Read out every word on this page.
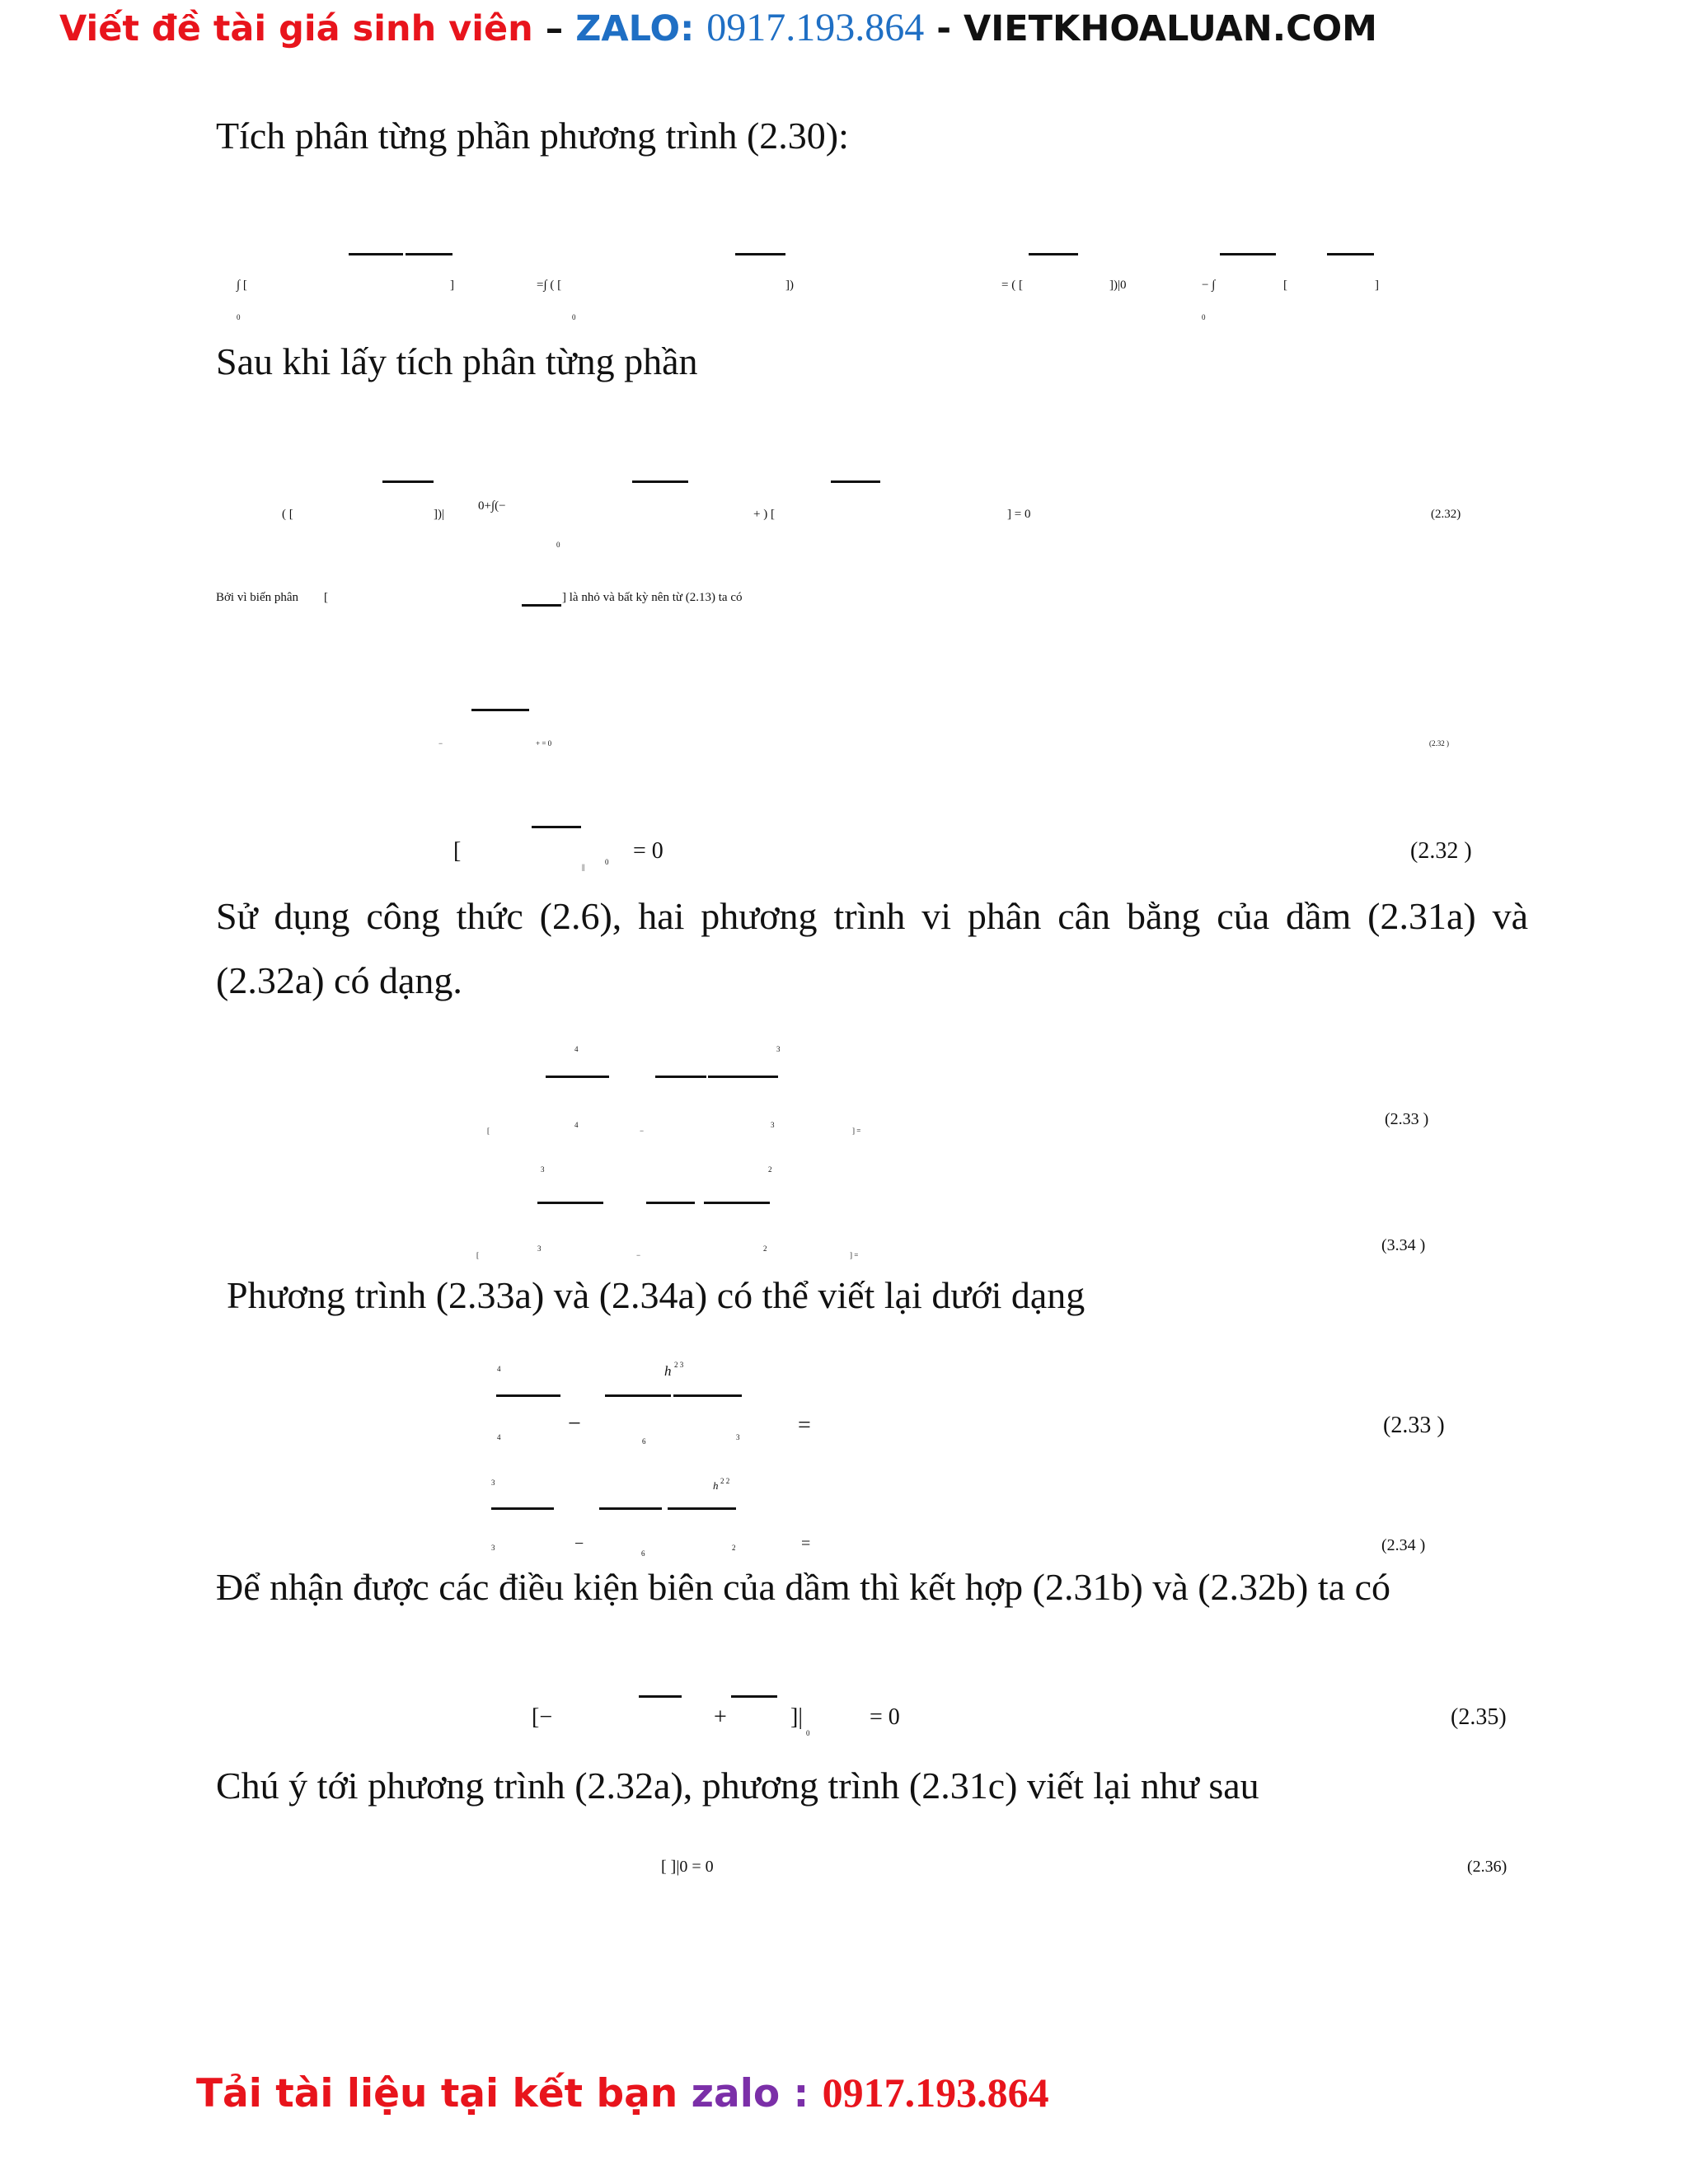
Viết đề tài giá sinh viên – ZALO: 0917.193.864 - VIETKHOALUAN.COM
Tích phân từng phần phương trình (2.30):
∫ [	]	=∫ ( [	])	= ( [	])|0	− ∫	[	]
0	0	0
Sau khi lấy tích phân từng phần
( [	])|
0+∫(−
+ ) [	] = 0	(2.32)
0
Bởi vì biến phân [	] là nhỏ và bất kỳ nên từ (2.13) ta có
−	+ = 0	(2.32 )
[
||
0 = 0	(2.32 )
Sử dụng công thức (2.6), hai phương trình vi phân cân bằng của dầm (2.31a) và
(2.32a) có dạng.
4	3
[
4
−
3
] =
(2.33 )
3	2
[
3
−
2
] =
(3.34 )
Phương trình (2.33a) và (2.34a) có thể viết lại dưới dạng
4	h 2 3
4
−
6	3	=	(2.33 )
3	h 2 2
3	−
6
2	=	(2.34 )
Để nhận được các điều kiện biên của dầm thì kết hợp (2.31b) và (2.32b) ta có
[−	+	]|
0
= 0	(2.35)
Chú ý tới phương trình (2.32a), phương trình (2.31c) viết lại như sau
[ ]|0 = 0	(2.36)
Tải tài liệu tại kết bạn zalo : 0917.193.864
